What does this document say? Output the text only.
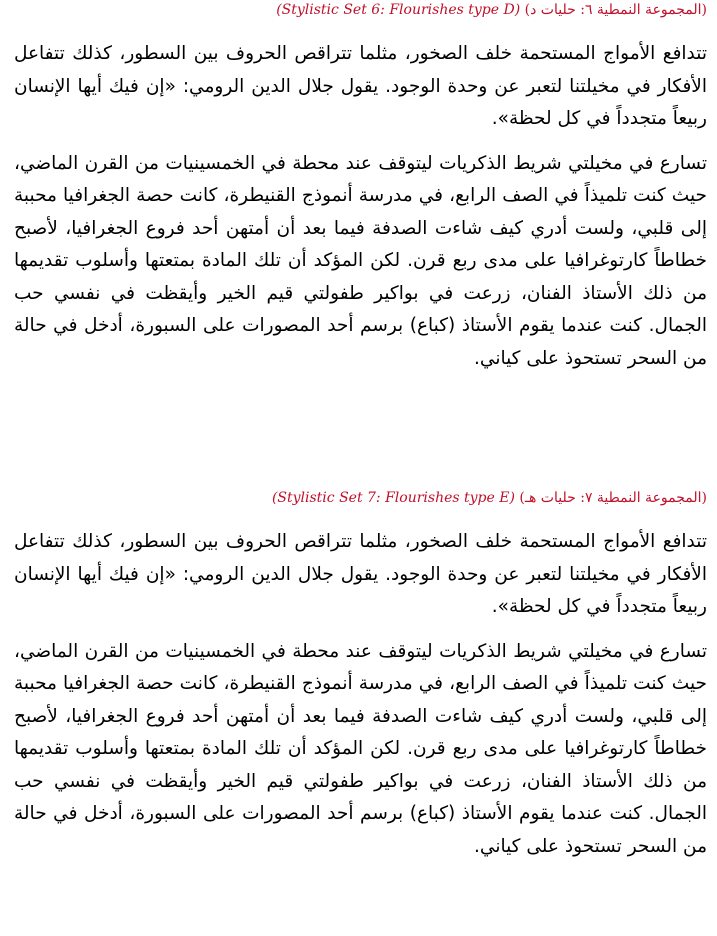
(المجموعة النمطية ٦: حليات د) (Stylistic Set 6: Flourishes type D)

تتدافع الأمواج المستحمة خلف الصخور، مثلما تتراقص الحروف بين السطور، كذلك تتفاعل الأفكار في مخيلتنا لتعبر عن وحدة الوجود. يقول جلال الدين الرومي: «إن فيك أيها الإنسان ربيعاً متجدداً في كل لحظة».

تسارع في مخيلتي شريط الذكريات ليتوقف عند محطة في الخمسينيات من القرن الماضي، حيث كنت تلميذاً في الصف الرابع، في مدرسة أنموذج القنيطرة، كانت حصة الجغرافيا محببة إلى قلبي، ولست أدري كيف شاءت الصدفة فيما بعد أن أمتهن أحد فروع الجغرافيا، لأصبح خطاطاً كارتوغرافيا على مدى ربع قرن. لكن المؤكد أن تلك المادة بمتعتها وأسلوب تقديمها من ذلك الأستاذ الفنان، زرعت في بواكير طفولتي قيم الخير وأيقظت في نفسي حب الجمال. كنت عندما يقوم الأستاذ (كباع) برسم أحد المصورات على السبورة، أدخل في حالة من السحر تستحوذ على كياني.

(المجموعة النمطية ٧: حليات هـ) (Stylistic Set 7: Flourishes type E)

تتدافع الأمواج المستحمة خلف الصخور، مثلما تتراقص الحروف بين السطور، كذلك تتفاعل الأفكار في مخيلتنا لتعبر عن وحدة الوجود. يقول جلال الدين الرومي: «إن فيك أيها الإنسان ربيعاً متجدداً في كل لحظة».

تسارع في مخيلتي شريط الذكريات ليتوقف عند محطة في الخمسينيات من القرن الماضي، حيث كنت تلميذاً في الصف الرابع، في مدرسة أنموذج القنيطرة، كانت حصة الجغرافيا محببة إلى قلبي، ولست أدري كيف شاءت الصدفة فيما بعد أن أمتهن أحد فروع الجغرافيا، لأصبح خطاطاً كارتوغرافيا على مدى ربع قرن. لكن المؤكد أن تلك المادة بمتعتها وأسلوب تقديمها من ذلك الأستاذ الفنان، زرعت في بواكير طفولتي قيم الخير وأيقظت في نفسي حب الجمال. كنت عندما يقوم الأستاذ (كباع) برسم أحد المصورات على السبورة، أدخل في حالة من السحر تستحوذ على كياني.
